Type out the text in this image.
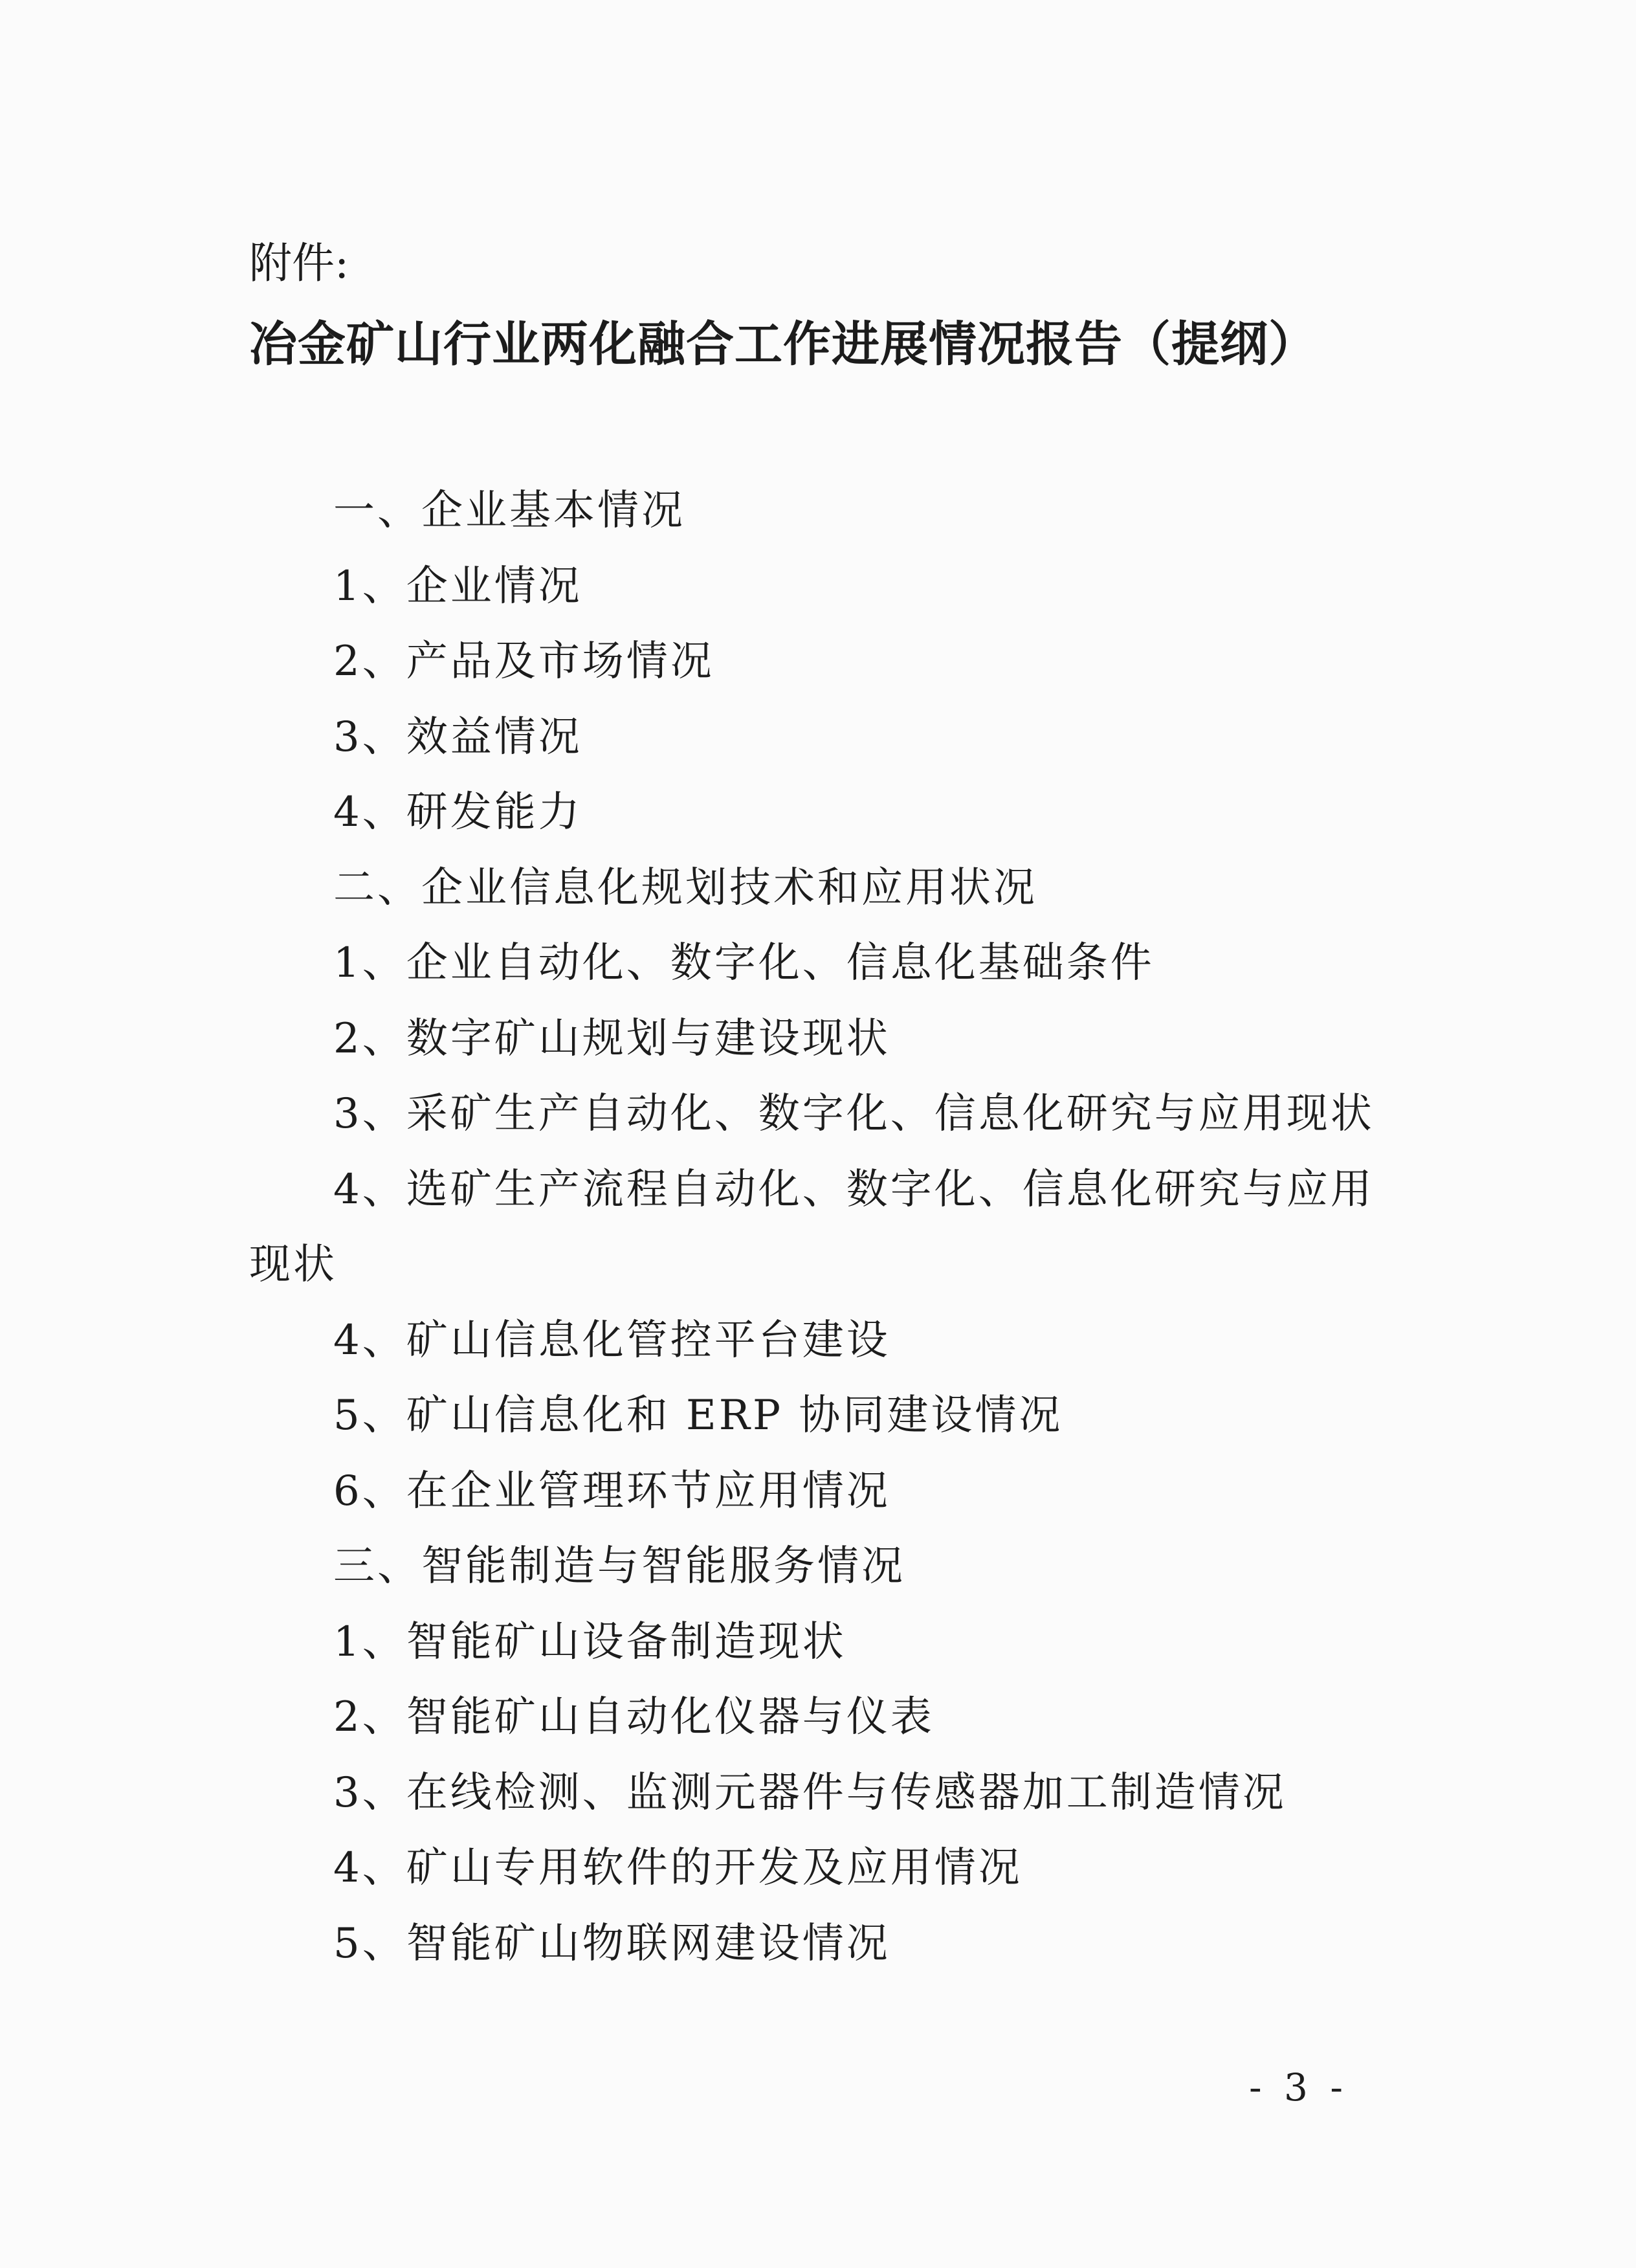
附件:
冶金矿山行业两化融合工作进展情况报告（提纲）
一、企业基本情况
1、企业情况
2、产品及市场情况
3、效益情况
4、研发能力
二、企业信息化规划技术和应用状况
1、企业自动化、数字化、信息化基础条件
2、数字矿山规划与建设现状
3、采矿生产自动化、数字化、信息化研究与应用现状
4、选矿生产流程自动化、数字化、信息化研究与应用
现状
4、矿山信息化管控平台建设
5、矿山信息化和 ERP 协同建设情况
6、在企业管理环节应用情况
三、智能制造与智能服务情况
1、智能矿山设备制造现状
2、智能矿山自动化仪器与仪表
3、在线检测、监测元器件与传感器加工制造情况
4、矿山专用软件的开发及应用情况
5、智能矿山物联网建设情况
- 3 -
